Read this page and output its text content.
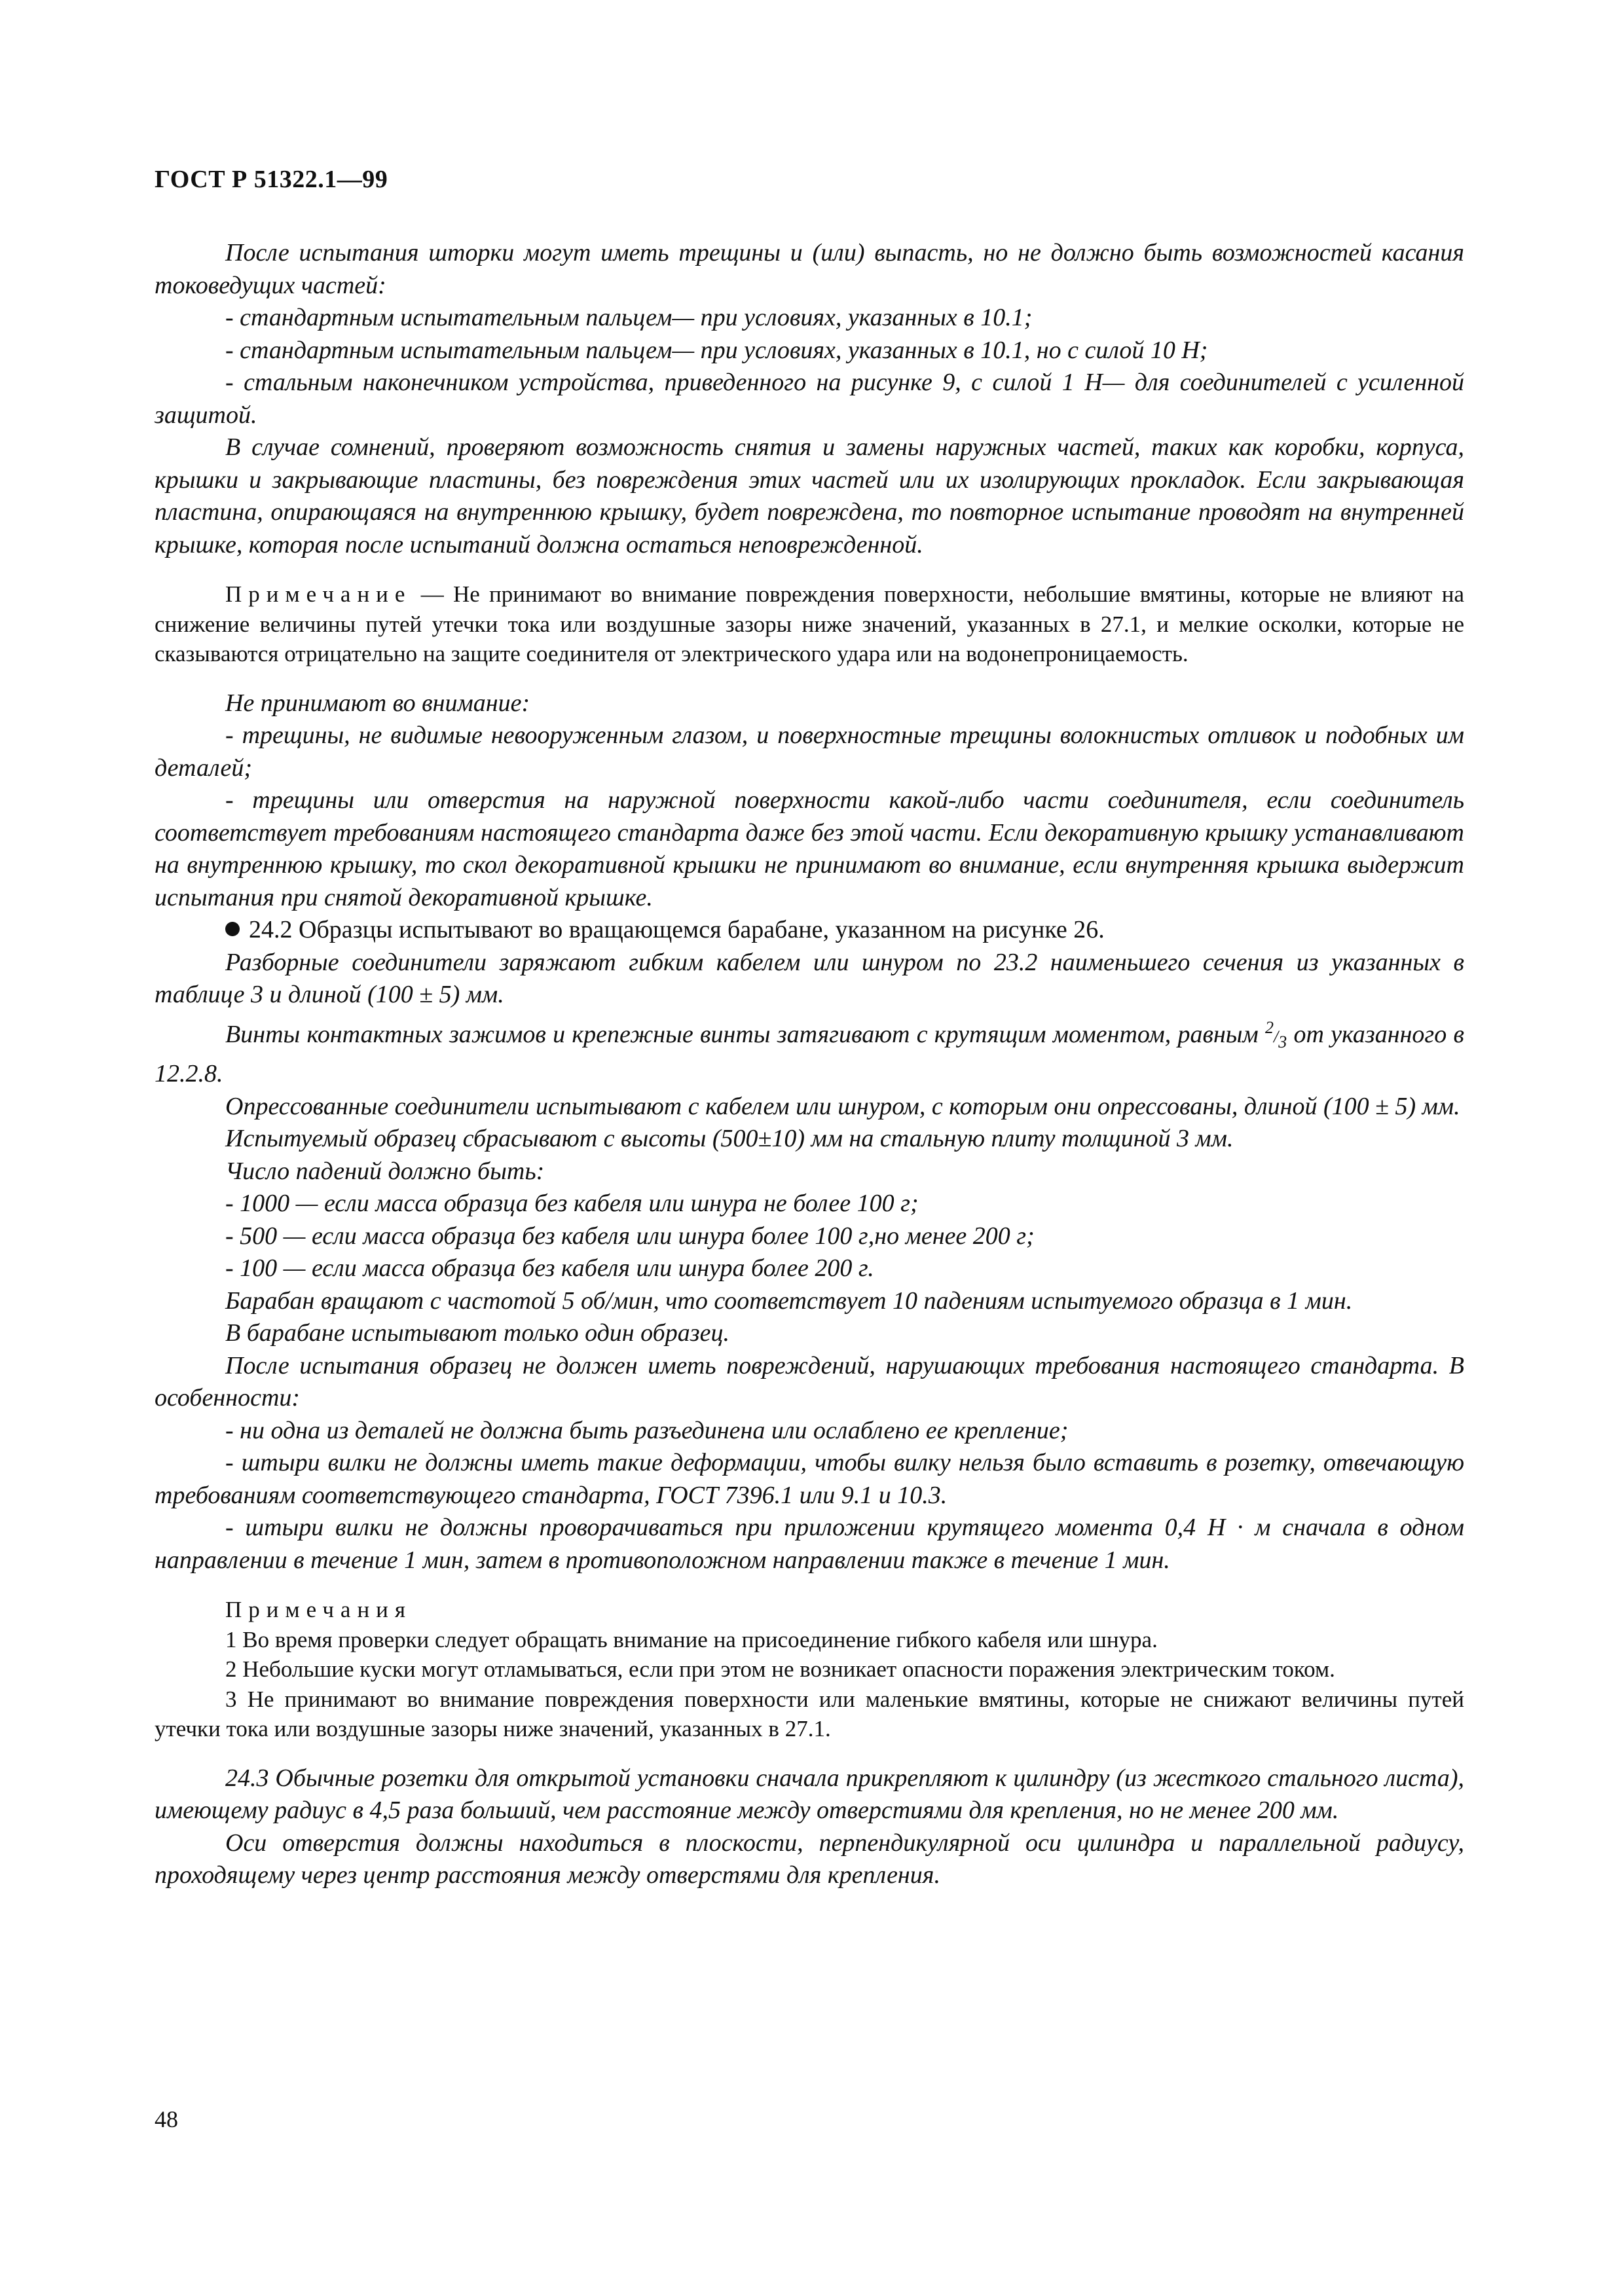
ГОСТ Р 51322.1—99

После испытания шторки могут иметь трещины и (или) выпасть, но не должно быть возможностей касания токоведущих частей:

- стандартным испытательным пальцем— при условиях, указанных в 10.1;

- стандартным испытательным пальцем— при условиях, указанных в 10.1, но с силой 10 Н;

- стальным наконечником устройства, приведенного на рисунке 9, с силой 1 Н— для соединителей с усиленной защитой.

В случае сомнений, проверяют возможность снятия и замены наружных частей, таких как коробки, корпуса, крышки и закрывающие пластины, без повреждения этих частей или их изолирующих прокладок. Если закрывающая пластина, опирающаяся на внутреннюю крышку, будет повреждена, то повторное испытание проводят на внутренней крышке, которая после испытаний должна остаться неповрежденной.

Примечание — Не принимают во внимание повреждения поверхности, небольшие вмятины, которые не влияют на снижение величины путей утечки тока или воздушные зазоры ниже значений, указанных в 27.1, и мелкие осколки, которые не сказываются отрицательно на защите соединителя от электрического удара или на водонепроницаемость.

Не принимают во внимание:

- трещины, не видимые невооруженным глазом, и поверхностные трещины волокнистых отливок и подобных им деталей;

- трещины или отверстия на наружной поверхности какой-либо части соединителя, если соединитель соответствует требованиям настоящего стандарта даже без этой части. Если декоративную крышку устанавливают на внутреннюю крышку, то скол декоративной крышки не принимают во внимание, если внутренняя крышка выдержит испытания при снятой декоративной крышке.

24.2 Образцы испытывают во вращающемся барабане, указанном на рисунке 26.

Разборные соединители заряжают гибким кабелем или шнуром по 23.2 наименьшего сечения из указанных в таблице 3 и длиной (100 ± 5) мм.

Винты контактных зажимов и крепежные винты затягивают с крутящим моментом, равным $^2/_3$ от указанного в 12.2.8.

Опрессованные соединители испытывают с кабелем или шнуром, с которым они опрессованы, длиной (100 ± 5) мм.

Испытуемый образец сбрасывают с высоты (500±10) мм на стальную плиту толщиной 3 мм.

Число падений должно быть:

- 1000 — если масса образца без кабеля или шнура не более 100 г;

- 500 — если масса образца без кабеля или шнура более 100 г,но менее 200 г;

- 100 — если масса образца без кабеля или шнура более 200 г.

Барабан вращают с частотой 5 об/мин, что соответствует 10 падениям испытуемого образца в 1 мин.

В барабане испытывают только один образец.

После испытания образец не должен иметь повреждений, нарушающих требования настоящего стандарта. В особенности:

- ни одна из деталей не должна быть разъединена или ослаблено ее крепление;

- штыри вилки не должны иметь такие деформации, чтобы вилку нельзя было вставить в розетку, отвечающую требованиям соответствующего стандарта, ГОСТ 7396.1 или 9.1 и 10.3.

- штыри вилки не должны проворачиваться при приложении крутящего момента 0,4 Н · м сначала в одном направлении в течение 1 мин, затем в противоположном направлении также в течение 1 мин.

Примечания

1 Во время проверки следует обращать внимание на присоединение гибкого кабеля или шнура.

2 Небольшие куски могут отламываться, если при этом не возникает опасности поражения электрическим током.

3 Не принимают во внимание повреждения поверхности или маленькие вмятины, которые не снижают величины путей утечки тока или воздушные зазоры ниже значений, указанных в 27.1.

24.3 Обычные розетки для открытой установки сначала прикрепляют к цилиндру (из жесткого стального листа), имеющему радиус в 4,5 раза больший, чем расстояние между отверстиями для крепления, но не менее 200 мм.

Оси отверстия должны находиться в плоскости, перпендикулярной оси цилиндра и параллельной радиусу, проходящему через центр расстояния между отверстями для крепления.

48
